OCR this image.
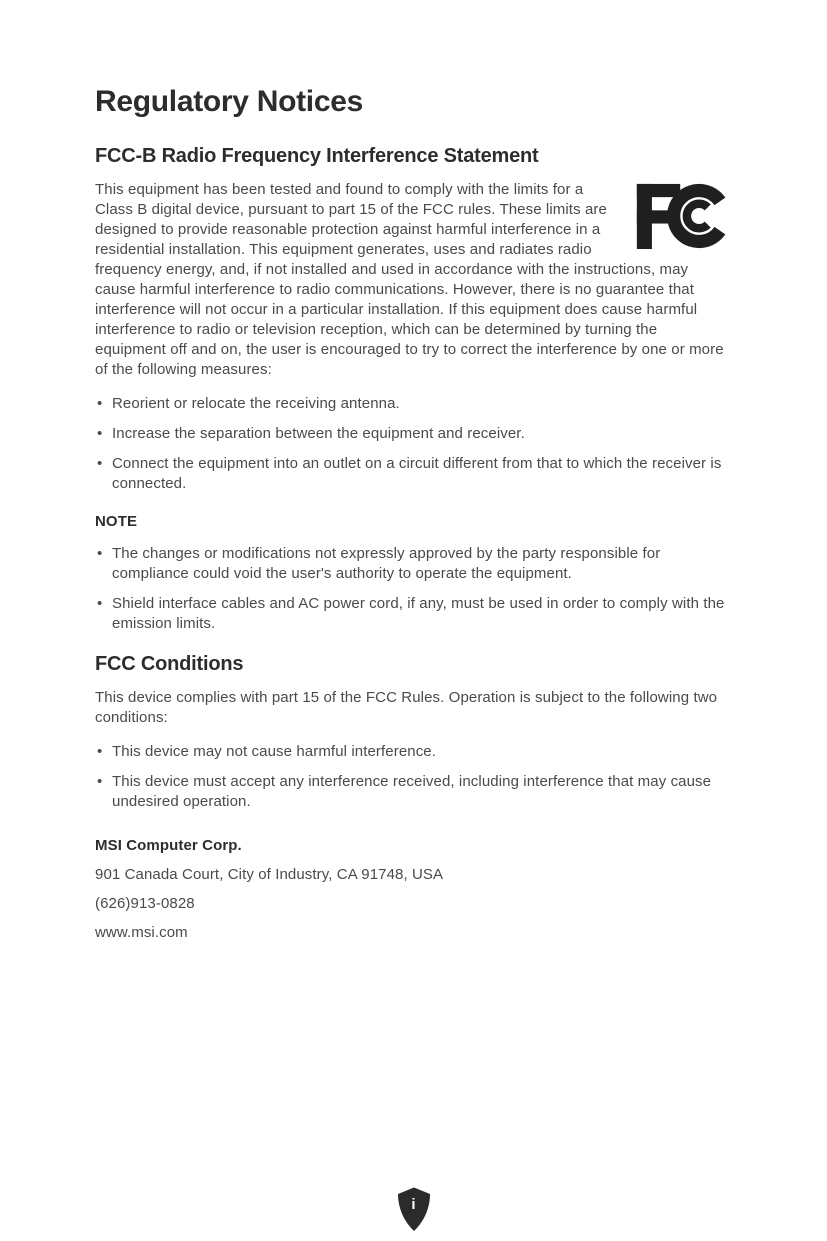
Regulatory Notices
FCC-B Radio Frequency Interference Statement

This equipment has been tested and found to comply with the limits for a Class B digital device, pursuant to part 15 of the FCC rules. These limits are designed to provide reasonable protection against harmful interference in a residential installation. This equipment generates, uses and radiates radio frequency energy, and, if not installed and used in accordance with the instructions, may cause harmful interference to radio communications. However, there is no guarantee that interference will not occur in a particular installation. If this equipment does cause harmful interference to radio or television reception, which can be determined by turning the equipment off and on, the user is encouraged to try to correct the interference by one or more of the following measures:

• Reorient or relocate the receiving antenna.
• Increase the separation between the equipment and receiver.
• Connect the equipment into an outlet on a circuit different from that to which the receiver is connected.

NOTE

• The changes or modifications not expressly approved by the party responsible for compliance could void the user's authority to operate the equipment.
• Shield interface cables and AC power cord, if any, must be used in order to comply with the emission limits.
FCC Conditions

This device complies with part 15 of the FCC Rules. Operation is subject to the following two conditions:

• This device may not cause harmful interference.
• This device must accept any interference received, including interference that may cause undesired operation.

MSI Computer Corp.

901 Canada Court, City of Industry, CA 91748, USA

(626)913-0828

www.msi.com

i
